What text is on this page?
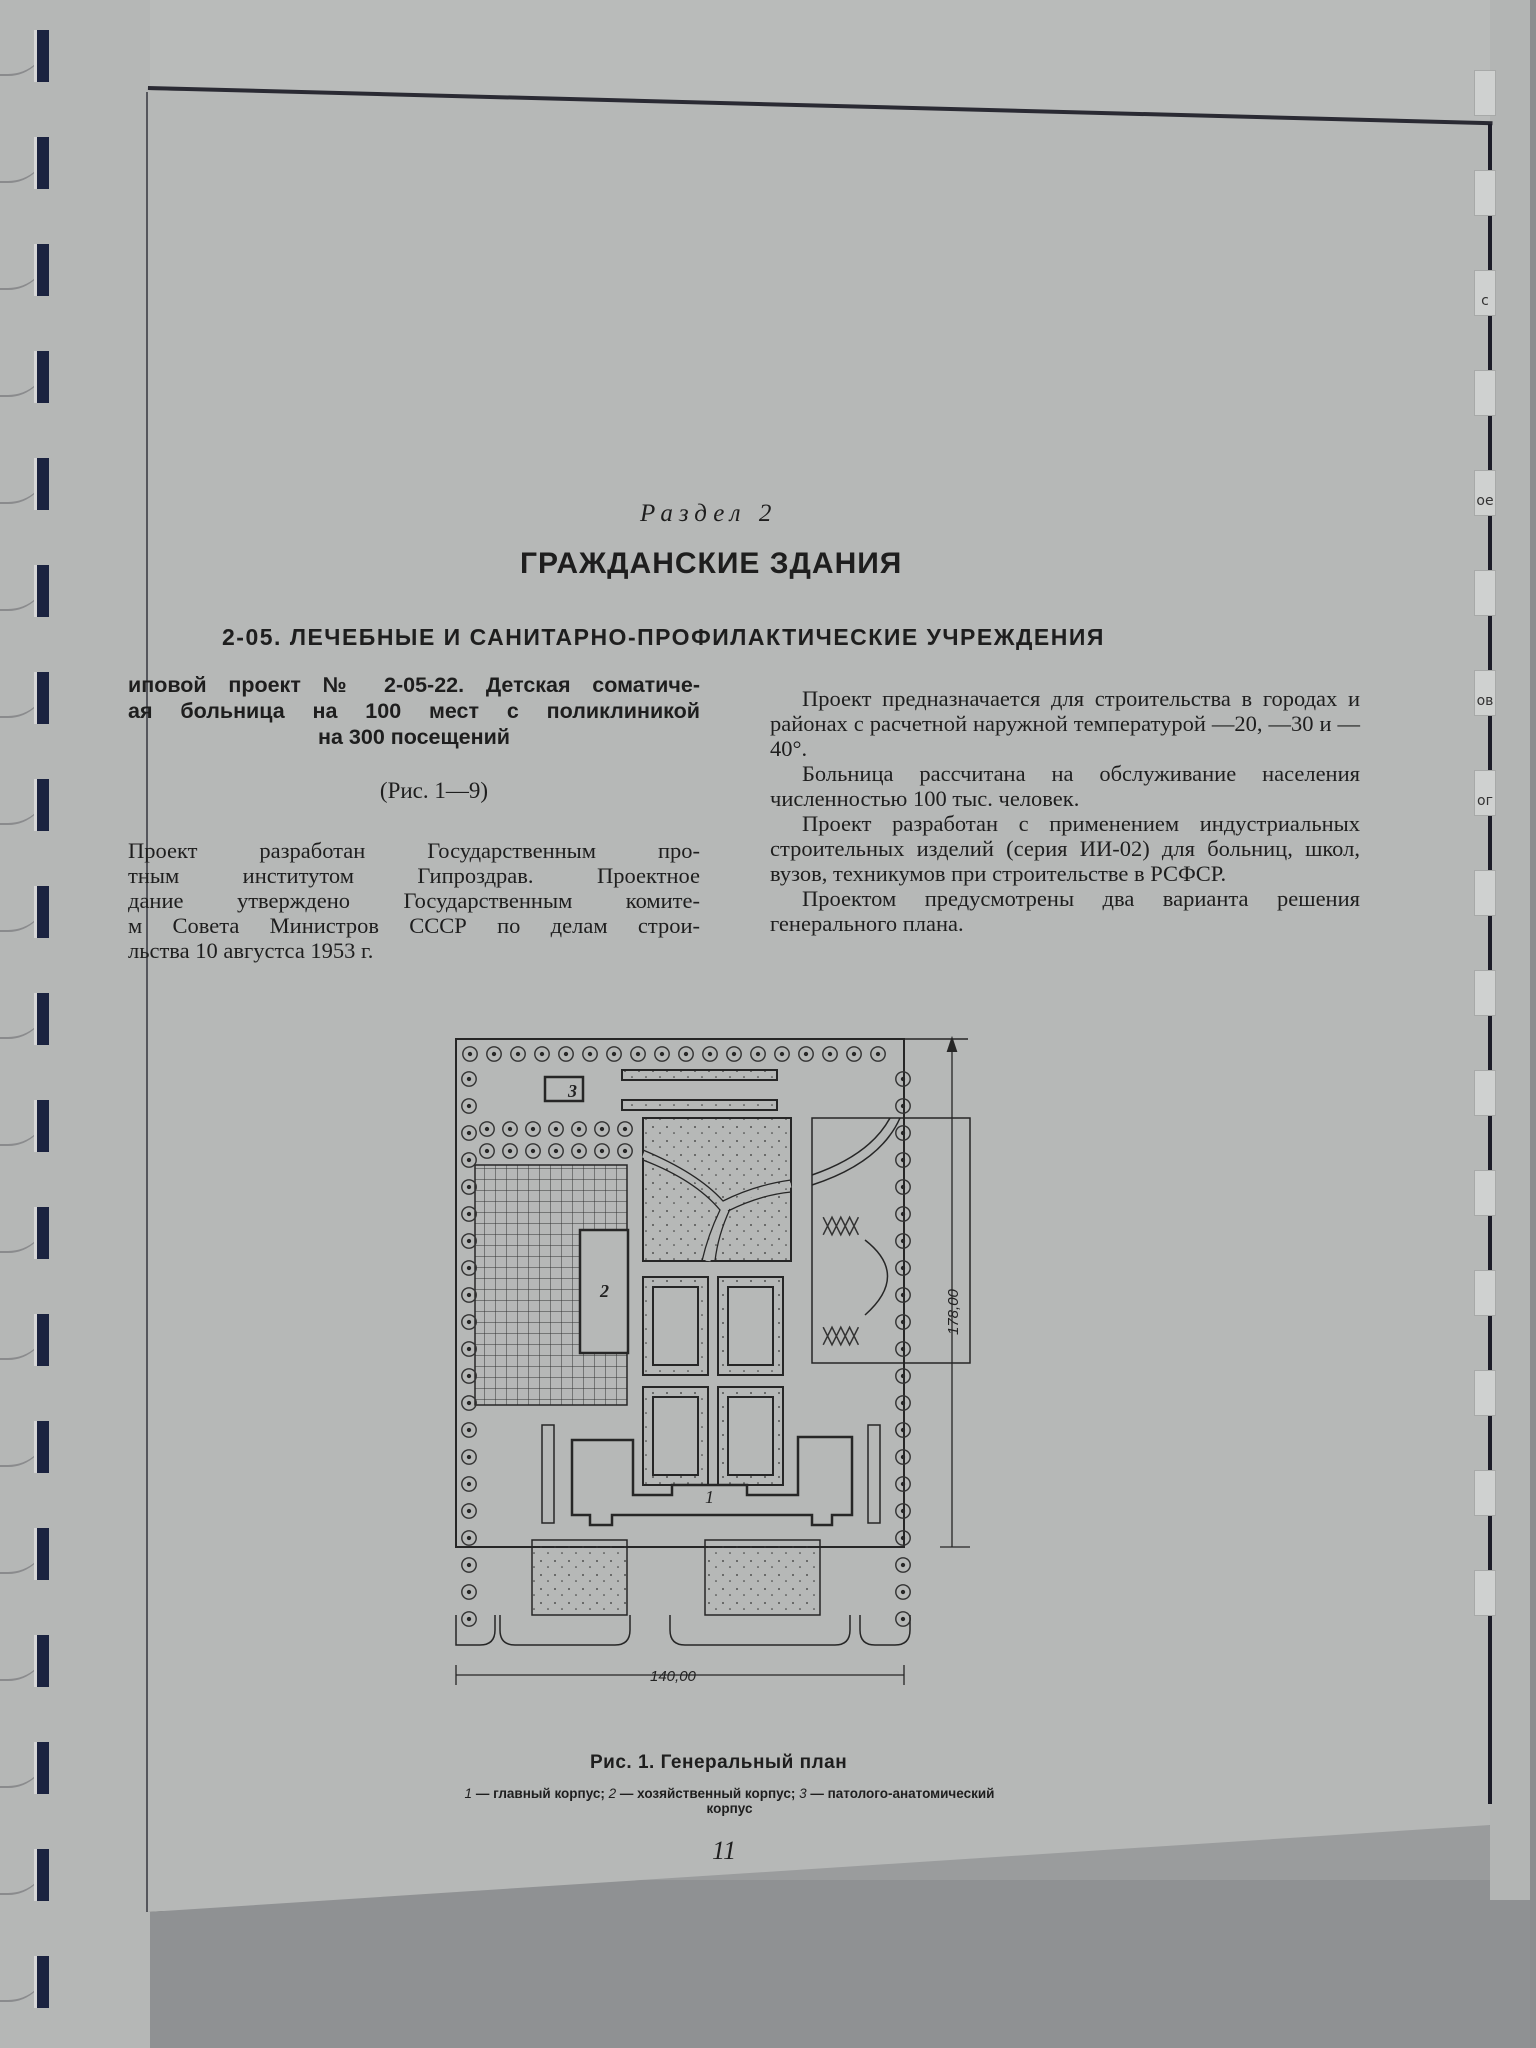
с
ое
ов
ог
Раздел 2
ГРАЖДАНСКИЕ ЗДАНИЯ
2-05. ЛЕЧЕБНЫЕ И САНИТАРНО-ПРОФИЛАКТИЧЕСКИЕ УЧРЕЖДЕНИЯ
иповой проект № 2-05-22. Детская соматиче-
ая больница на 100 мест с поликлиникой
на 300 посещений
(Рис. 1—9)
Проект разработан Государственным про-
тным институтом Гипроздрав. Проектное
дание утверждено Государственным комите-
м Совета Министров СССР по делам строи-
льства 10 августса 1953 г.

Проект предназначается для строительства в городах и районах с расчетной наружной температурой —20, —30 и —40°.

Больница рассчитана на обслуживание населения численностью 100 тыс. человек.

Проект разработан с применением индустриальных строительных изделий (серия ИИ-02) для больниц, школ, вузов, техникумов при строительстве в РСФСР.

Проектом предусмотрены два варианта решения генерального плана.

3
2
1
140,00
178,00
Рис. 1. Генеральный план
1 — главный корпус; 2 — хозяйственный корпус; 3 — патолого-анатомический корпус
11
